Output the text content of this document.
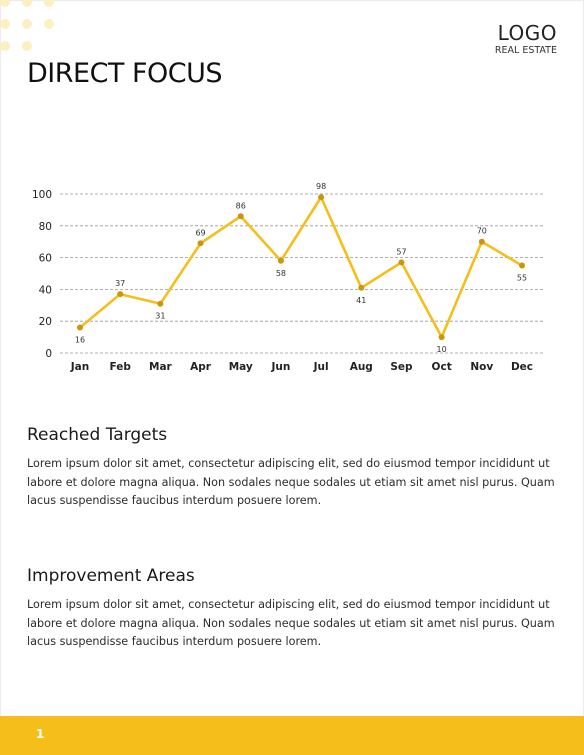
LOGO
REAL ESTATE
DIRECT FOCUS
0
20
40
60
80
100
Jan Feb Mar Apr May Jun Jul Aug Sep Oct Nov Dec
16
37
31
69
86
58
98
41
57
10
70
55
Reached Targets

Lorem ipsum dolor sit amet, consectetur adipiscing elit, sed do eiusmod tempor incididunt ut labore et dolore magna aliqua. Non sodales neque sodales ut etiam sit amet nisl purus. Quam lacus suspendisse faucibus interdum posuere lorem.

Improvement Areas

Lorem ipsum dolor sit amet, consectetur adipiscing elit, sed do eiusmod tempor incididunt ut labore et dolore magna aliqua. Non sodales neque sodales ut etiam sit amet nisl purus. Quam lacus suspendisse faucibus interdum posuere lorem.

1
